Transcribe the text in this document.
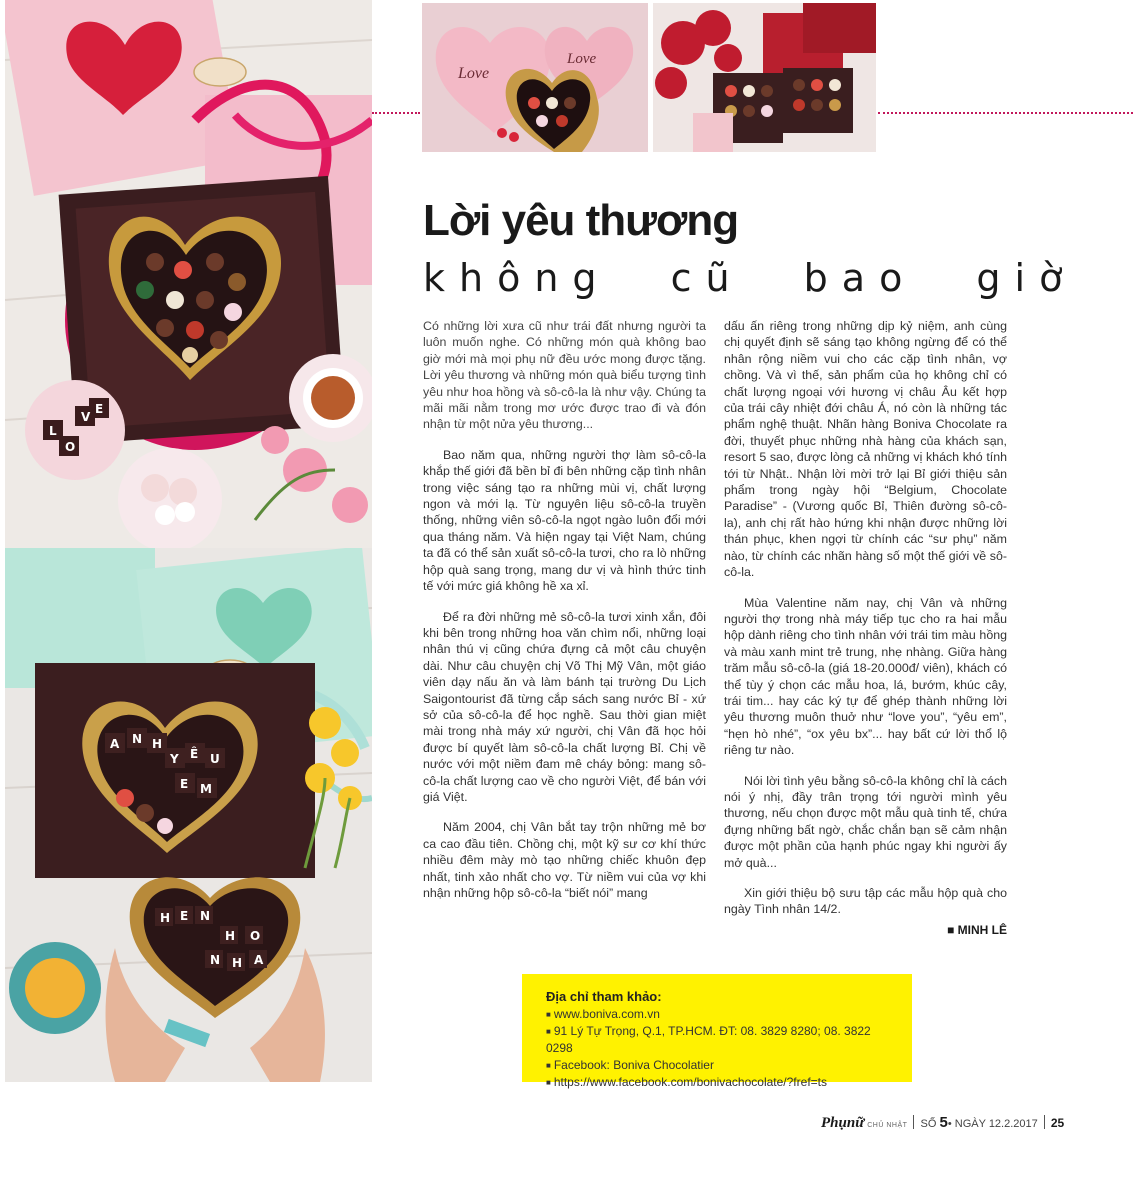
L
O
V
E
A N H
Y Ê U
E M
H E N
H O
N H A
Love
Love
Lời yêu thương
không cũ bao giờ

Có những lời xưa cũ như trái đất nhưng người ta luôn muốn nghe. Có những món quà không bao giờ mới mà mọi phụ nữ đều ước mong được tặng. Lời yêu thương và những món quà biểu tượng tình yêu như hoa hồng và sô-cô-la là như vậy. Chúng ta mãi mãi nằm trong mơ ước được trao đi và đón nhận từ một nửa yêu thương...

Bao năm qua, những người thợ làm sô-cô-la khắp thế giới đã bền bỉ đi bên những cặp tình nhân trong việc sáng tạo ra những mùi vị, chất lượng ngon và mới lạ. Từ nguyên liệu sô-cô-la truyền thống, những viên sô-cô-la ngọt ngào luôn đổi mới qua tháng năm. Và hiện ngay tại Việt Nam, chúng ta đã có thể sản xuất sô-cô-la tươi, cho ra lò những hộp quà sang trọng, mang dư vị và hình thức tinh tế với mức giá không hề xa xỉ.

Để ra đời những mẻ sô-cô-la tươi xinh xắn, đôi khi bên trong những hoa văn chìm nổi, những loại nhân thú vị cũng chứa đựng cả một câu chuyện dài. Như câu chuyện chị Võ Thị Mỹ Vân, một giáo viên dạy nấu ăn và làm bánh tại trường Du Lịch Saigontourist đã từng cắp sách sang nước Bỉ - xứ sở của sô-cô-la để học nghề. Sau thời gian miệt mài trong nhà máy xứ người, chị Vân đã học hỏi được bí quyết làm sô-cô-la chất lượng Bỉ. Chị về nước với một niềm đam mê cháy bỏng: mang sô-cô-la chất lượng cao về cho người Việt, để bán với giá Việt.

Năm 2004, chị Vân bắt tay trộn những mẻ bơ ca cao đầu tiên. Chồng chị, một kỹ sư cơ khí thức nhiều đêm mày mò tạo những chiếc khuôn đẹp nhất, tinh xảo nhất cho vợ. Từ niềm vui của vợ khi nhận những hộp sô-cô-la “biết nói” mang

dấu ấn riêng trong những dịp kỷ niệm, anh cùng chị quyết định sẽ sáng tạo không ngừng để có thể nhân rộng niềm vui cho các cặp tình nhân, vợ chồng. Và vì thế, sản phẩm của họ không chỉ có chất lượng ngoại với hương vị châu Âu kết hợp của trái cây nhiệt đới châu Á, nó còn là những tác phẩm nghệ thuật. Nhãn hàng Boniva Chocolate ra đời, thuyết phục những nhà hàng của khách sạn, resort 5 sao, được lòng cả những vị khách khó tính tới từ Nhật.. Nhận lời mời trở lại Bỉ giới thiệu sản phẩm trong ngày hội “Belgium, Chocolate Paradise” - (Vương quốc Bỉ, Thiên đường sô-cô-la), anh chị rất hào hứng khi nhận được những lời thán phục, khen ngợi từ chính các “sư phụ” năm nào, từ chính các nhãn hàng số một thế giới về sô-cô-la.

Mùa Valentine năm nay, chị Vân và những người thợ trong nhà máy tiếp tục cho ra hai mẫu hộp dành riêng cho tình nhân với trái tim màu hồng và màu xanh mint trẻ trung, nhẹ nhàng. Giữa hàng trăm mẫu sô-cô-la (giá 18-20.000đ/ viên), khách có thể tùy ý chọn các mẫu hoa, lá, bướm, khúc cây, trái tim... hay các ký tự để ghép thành những lời yêu thương muôn thuở như “love you”, “yêu em”, “hẹn hò nhé”, “ox yêu bx”... hay bất cứ lời thổ lộ riêng tư nào.

Nói lời tình yêu bằng sô-cô-la không chỉ là cách nói ý nhị, đầy trân trọng tới người mình yêu thương, nếu chọn được một mẫu quà tinh tế, chứa đựng những bất ngờ, chắc chắn bạn sẽ cảm nhận được một phần của hạnh phúc ngay khi người ấy mở quà...

Xin giới thiệu bộ sưu tập các mẫu hộp quà cho ngày Tình nhân 14/2.

■ MINH LÊ
Địa chỉ tham khảo:
■ www.boniva.com.vn
■ 91 Lý Tự Trọng, Q.1, TP.HCM. ĐT: 08. 3829 8280; 08. 3822 0298
■ Facebook: Boniva Chocolatier
■ https://www.facebook.com/bonivachocolate/?fref=ts
Phụnữ CHỦ NHẬT SỐ 5• NGÀY 12.2.2017 25
